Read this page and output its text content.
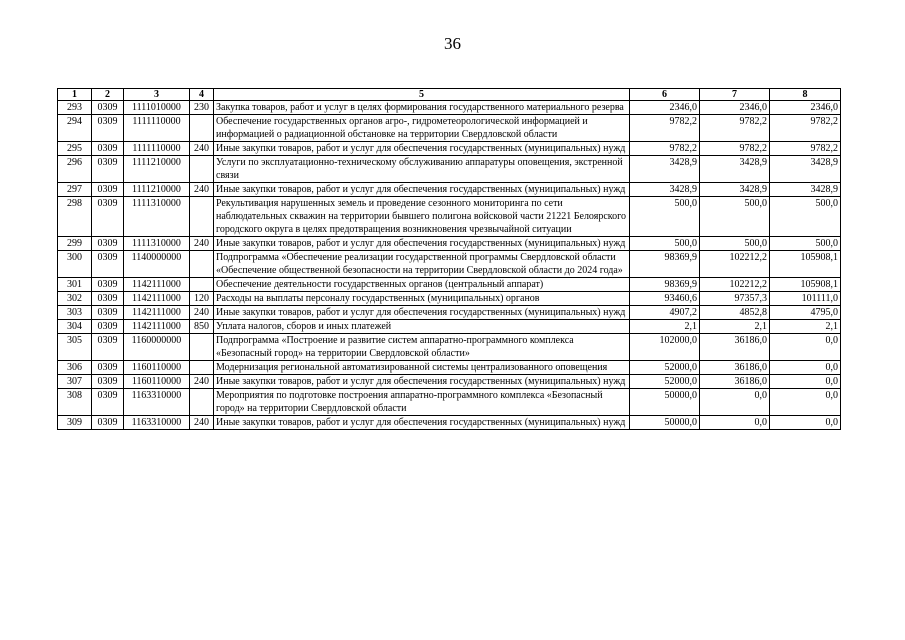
36
1	2	3	4	5	6	7	8
293	0309	1111010000	230	Закупка товаров, работ и услуг в целях формирования государственного материального резерва	2346,0	2346,0	2346,0
294	0309	1111110000		Обеспечение государственных органов агро-, гидрометеорологической информацией и информацией о радиационной обстановке на территории Свердловской области	9782,2	9782,2	9782,2
295	0309	1111110000	240	Иные закупки товаров, работ и услуг для обеспечения государственных (муниципальных) нужд	9782,2	9782,2	9782,2
296	0309	1111210000		Услуги по эксплуатационно-техническому обслуживанию аппаратуры оповещения, экстренной связи	3428,9	3428,9	3428,9
297	0309	1111210000	240	Иные закупки товаров, работ и услуг для обеспечения государственных (муниципальных) нужд	3428,9	3428,9	3428,9
298	0309	1111310000		Рекультивация нарушенных земель и проведение сезонного мониторинга по сети наблюдательных скважин на территории бывшего полигона войсковой части 21221 Белоярского городского округа в целях предотвращения возникновения чрезвычайной ситуации	500,0	500,0	500,0
299	0309	1111310000	240	Иные закупки товаров, работ и услуг для обеспечения государственных (муниципальных) нужд	500,0	500,0	500,0
300	0309	1140000000		Подпрограмма «Обеспечение реализации государственной программы Свердловской области «Обеспечение общественной безопасности на территории Свердловской области до 2024 года»	98369,9	102212,2	105908,1
301	0309	1142111000		Обеспечение деятельности государственных органов (центральный аппарат)	98369,9	102212,2	105908,1
302	0309	1142111000	120	Расходы на выплаты персоналу государственных (муниципальных) органов	93460,6	97357,3	101111,0
303	0309	1142111000	240	Иные закупки товаров, работ и услуг для обеспечения государственных (муниципальных) нужд	4907,2	4852,8	4795,0
304	0309	1142111000	850	Уплата налогов, сборов и иных платежей	2,1	2,1	2,1
305	0309	1160000000		Подпрограмма «Построение и развитие систем аппаратно-программного комплекса «Безопасный город» на территории Свердловской области»	102000,0	36186,0	0,0
306	0309	1160110000		Модернизация региональной автоматизированной системы централизованного оповещения	52000,0	36186,0	0,0
307	0309	1160110000	240	Иные закупки товаров, работ и услуг для обеспечения государственных (муниципальных) нужд	52000,0	36186,0	0,0
308	0309	1163310000		Мероприятия по подготовке построения аппаратно-программного комплекса «Безопасный город» на территории Свердловской области	50000,0	0,0	0,0
309	0309	1163310000	240	Иные закупки товаров, работ и услуг для обеспечения государственных (муниципальных) нужд	50000,0	0,0	0,0
